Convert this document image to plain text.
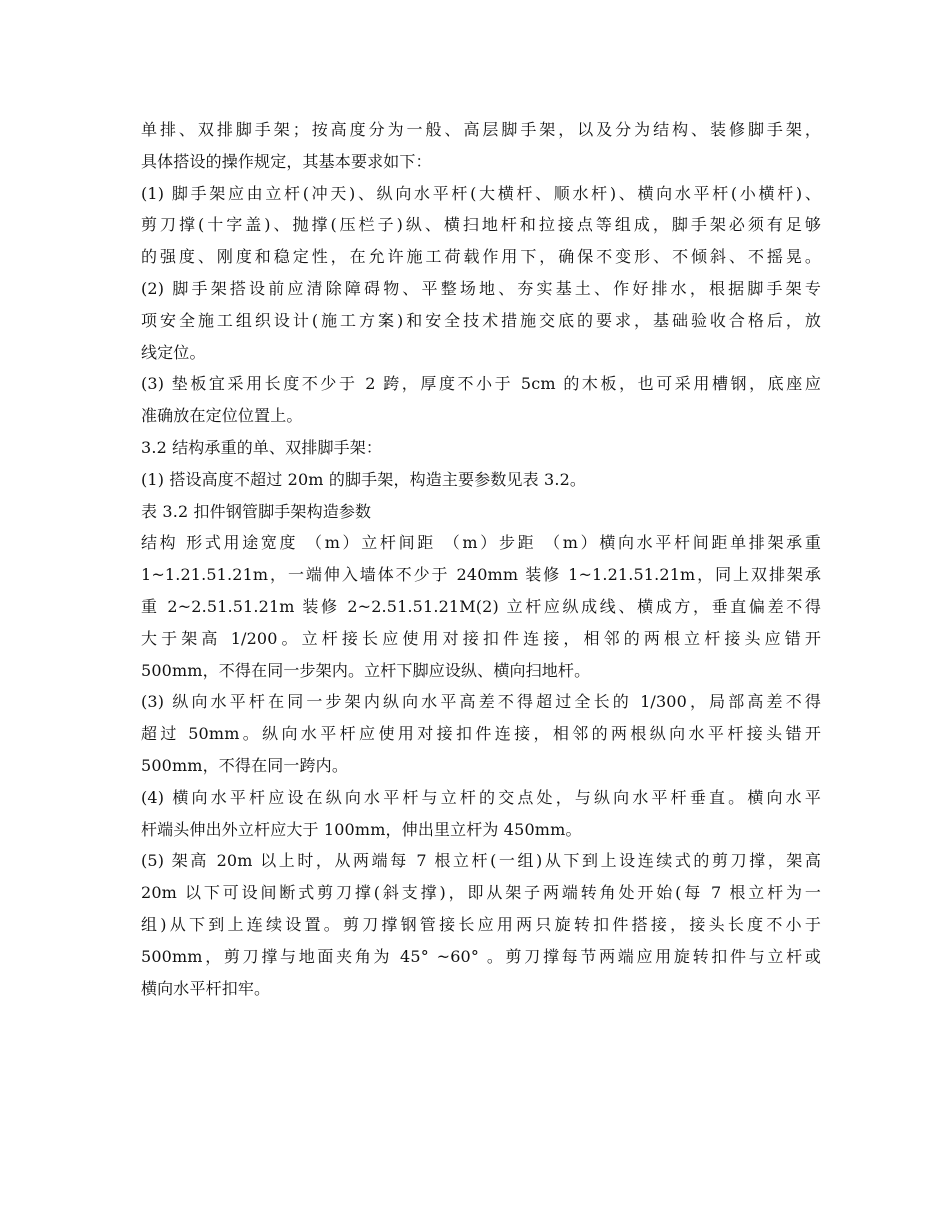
单排、双排脚手架；按高度分为一般、高层脚手架，以及分为结构、装修脚手架，
具体搭设的操作规定，其基本要求如下：
(1) 脚手架应由立杆(冲天)、纵向水平杆(大横杆、顺水杆)、横向水平杆(小横杆)、
剪刀撑(十字盖)、抛撑(压栏子)纵、横扫地杆和拉接点等组成，脚手架必须有足够
的强度、刚度和稳定性，在允许施工荷载作用下，确保不变形、不倾斜、不摇晃。
(2) 脚手架搭设前应清除障碍物、平整场地、夯实基土、作好排水，根据脚手架专
项安全施工组织设计(施工方案)和安全技术措施交底的要求，基础验收合格后，放
线定位。
(3) 垫板宜采用长度不少于 2 跨，厚度不小于 5cm 的木板，也可采用槽钢，底座应
准确放在定位位置上。
3.2 结构承重的单、双排脚手架：
(1) 搭设高度不超过 20m 的脚手架，构造主要参数见表 3.2。
表 3.2 扣件钢管脚手架构造参数
结构 形式用途宽度 （m）立杆间距 （m）步距 （m）横向水平杆间距单排架承重
1~1.21.51.21m，一端伸入墙体不少于 240mm 装修 1~1.21.51.21m，同上双排架承
重 2~2.51.51.21m 装修 2~2.51.51.21M(2) 立杆应纵成线、横成方，垂直偏差不得
大于架高 1/200。立杆接长应使用对接扣件连接，相邻的两根立杆接头应错开
500mm，不得在同一步架内。立杆下脚应设纵、横向扫地杆。
(3) 纵向水平杆在同一步架内纵向水平高差不得超过全长的 1/300，局部高差不得
超过 50mm。纵向水平杆应使用对接扣件连接，相邻的两根纵向水平杆接头错开
500mm，不得在同一跨内。
(4) 横向水平杆应设在纵向水平杆与立杆的交点处，与纵向水平杆垂直。横向水平
杆端头伸出外立杆应大于 100mm，伸出里立杆为 450mm。
(5) 架高 20m 以上时，从两端每 7 根立杆(一组)从下到上设连续式的剪刀撑，架高
20m 以下可设间断式剪刀撑(斜支撑)，即从架子两端转角处开始(每 7 根立杆为一
组)从下到上连续设置。剪刀撑钢管接长应用两只旋转扣件搭接，接头长度不小于
500mm，剪刀撑与地面夹角为 45° ~60° 。剪刀撑每节两端应用旋转扣件与立杆或
横向水平杆扣牢。
